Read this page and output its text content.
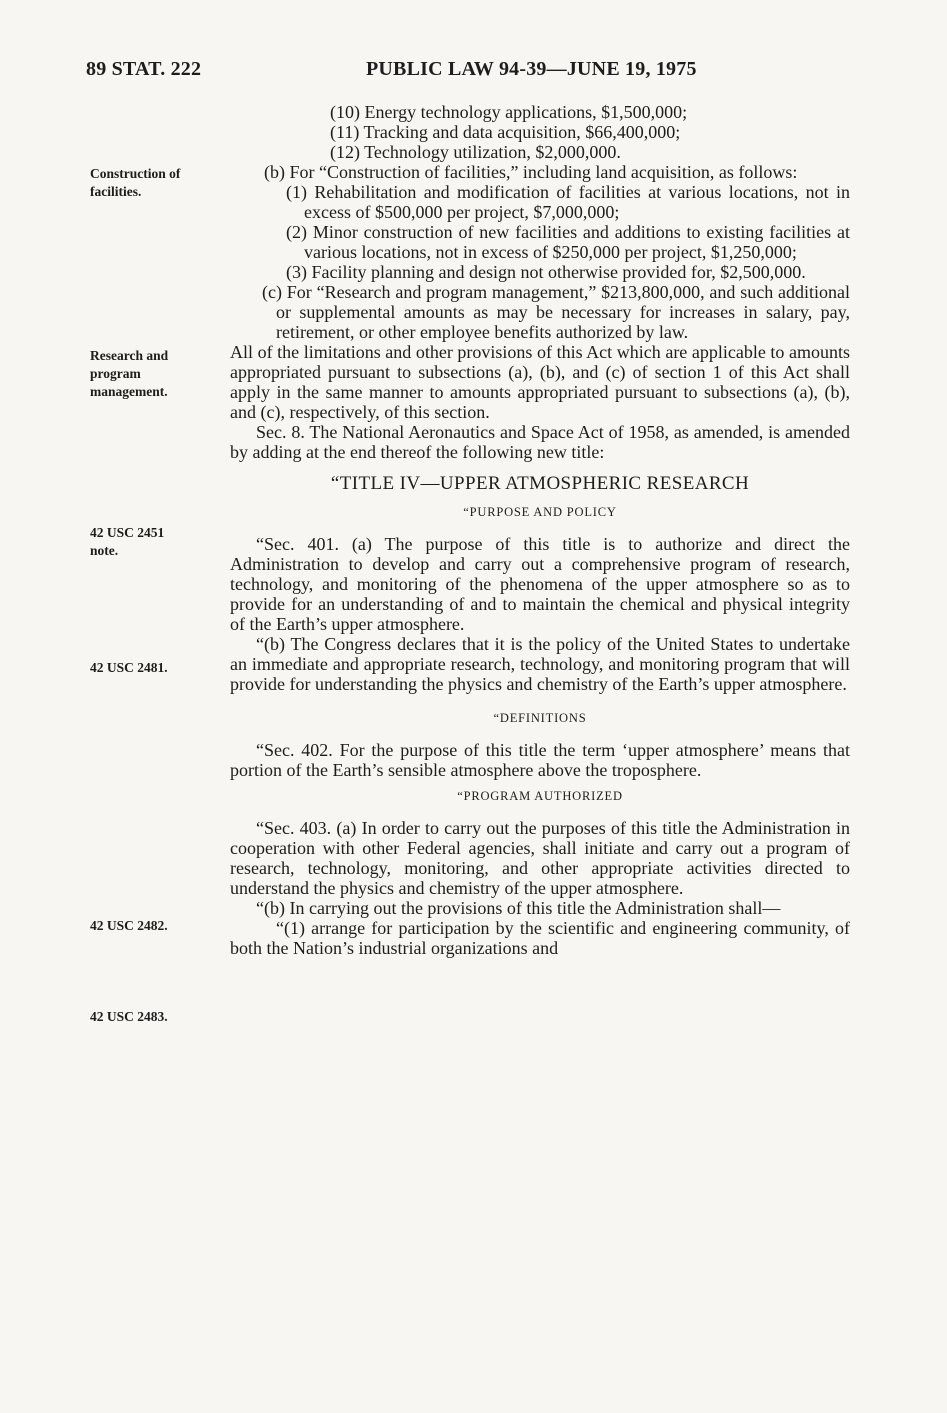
89 STAT. 222	PUBLIC LAW 94-39—JUNE 19, 1975
Construction of facilities.
Research and program management.
42 USC 2451 note.
42 USC 2481.
42 USC 2482.
42 USC 2483.

(10) Energy technology applications, $1,500,000;

(11) Tracking and data acquisition, $66,400,000;

(12) Technology utilization, $2,000,000.

(b) For “Construction of facilities,” including land acquisition, as follows:

(1) Rehabilitation and modification of facilities at various locations, not in excess of $500,000 per project, $7,000,000;

(2) Minor construction of new facilities and additions to existing facilities at various locations, not in excess of $250,000 per project, $1,250,000;

(3) Facility planning and design not otherwise provided for, $2,500,000.

(c) For “Research and program management,” $213,800,000, and such additional or supplemental amounts as may be necessary for increases in salary, pay, retirement, or other employee benefits authorized by law.

All of the limitations and other provisions of this Act which are applicable to amounts appropriated pursuant to subsections (a), (b), and (c) of section 1 of this Act shall apply in the same manner to amounts appropriated pursuant to subsections (a), (b), and (c), respectively, of this section.

Sec. 8. The National Aeronautics and Space Act of 1958, as amended, is amended by adding at the end thereof the following new title:

“TITLE IV—UPPER ATMOSPHERIC RESEARCH

“PURPOSE AND POLICY

“Sec. 401. (a) The purpose of this title is to authorize and direct the Administration to develop and carry out a comprehensive program of research, technology, and monitoring of the phenomena of the upper atmosphere so as to provide for an understanding of and to maintain the chemical and physical integrity of the Earth’s upper atmosphere.

“(b) The Congress declares that it is the policy of the United States to undertake an immediate and appropriate research, technology, and monitoring program that will provide for understanding the physics and chemistry of the Earth’s upper atmosphere.

“DEFINITIONS

“Sec. 402. For the purpose of this title the term ‘upper atmosphere’ means that portion of the Earth’s sensible atmosphere above the troposphere.

“PROGRAM AUTHORIZED

“Sec. 403. (a) In order to carry out the purposes of this title the Administration in cooperation with other Federal agencies, shall initiate and carry out a program of research, technology, monitoring, and other appropriate activities directed to understand the physics and chemistry of the upper atmosphere.

“(b) In carrying out the provisions of this title the Administration shall—

“(1) arrange for participation by the scientific and engineering community, of both the Nation’s industrial organizations and
